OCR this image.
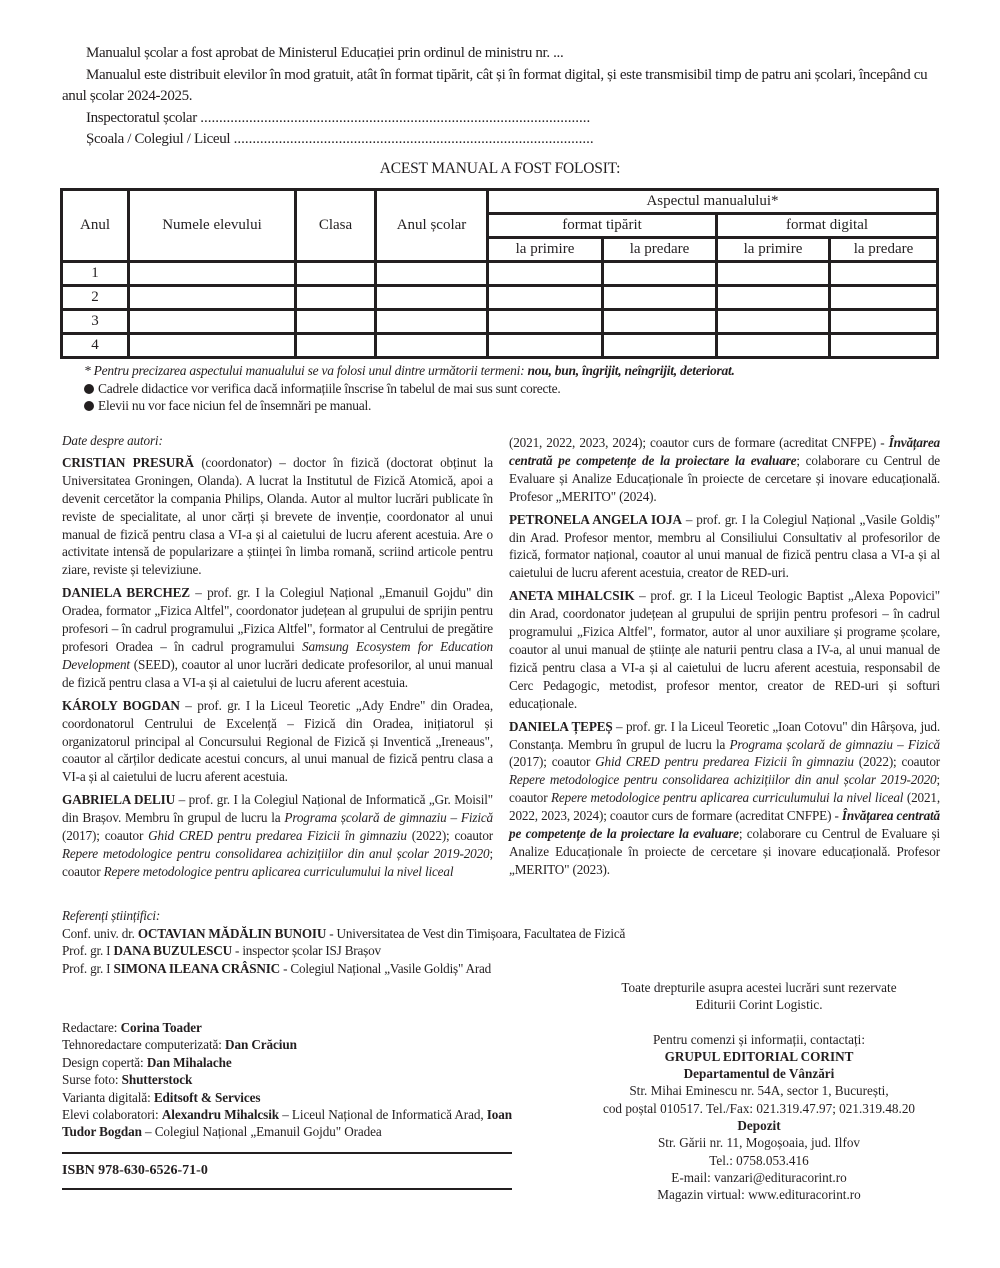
Manualul școlar a fost aprobat de Ministerul Educației prin ordinul de ministru nr. ...
Manualul este distribuit elevilor în mod gratuit, atât în format tipărit, cât și în format digital, și este transmisibil timp de patru ani școlari, începând cu anul școlar 2024-2025.
Inspectoratul școlar ........................................................................................................
Școala / Colegiul / Liceul ................................................................................................
ACEST MANUAL A FOST FOLOSIT:
Anul	Numele elevului	Clasa	Anul școlar	Aspectul manualului*			
				format tipărit		format digital	
				la primire	la predare	la primire	la predare
1							
2							
3							
4							
* Pentru precizarea aspectului manualului se va folosi unul dintre următorii termeni: nou, bun, îngrijit, neîngrijit, deteriorat.
Cadrele didactice vor verifica dacă informațiile înscrise în tabelul de mai sus sunt corecte.
Elevii nu vor face niciun fel de însemnări pe manual.
Date despre autori:

CRISTIAN PRESURĂ (coordonator) – doctor în fizică (doctorat obținut la Universitatea Groningen, Olanda). A lucrat la Institutul de Fizică Atomică, apoi a devenit cercetător la compania Philips, Olanda. Autor al multor lucrări publicate în reviste de specialitate, al unor cărți și brevete de invenție, coordonator al unui manual de fizică pentru clasa a VI-a și al caietului de lucru aferent acestuia. Are o activitate intensă de popularizare a științei în limba romană, scriind articole pentru ziare, reviste și televiziune.

DANIELA BERCHEZ – prof. gr. I la Colegiul Național „Emanuil Gojdu" din Oradea, formator „Fizica Altfel", coordonator județean al grupului de sprijin pentru profesori – în cadrul programului „Fizica Altfel", formator al Centrului de pregătire profesori Oradea – în cadrul programului Samsung Ecosystem for Education Development (SEED), coautor al unor lucrări dedicate profesorilor, al unui manual de fizică pentru clasa a VI-a și al caietului de lucru aferent acestuia.

KÁROLY BOGDAN – prof. gr. I la Liceul Teoretic „Ady Endre" din Oradea, coordonatorul Centrului de Excelență – Fizică din Oradea, inițiatorul și organizatorul principal al Concursului Regional de Fizică și Inventică „Ireneaus", coautor al cărților dedicate acestui concurs, al unui manual de fizică pentru clasa a VI-a și al caietului de lucru aferent acestuia.

GABRIELA DELIU – prof. gr. I la Colegiul Național de Informatică „Gr. Moisil" din Brașov. Membru în grupul de lucru la Programa școlară de gimnaziu – Fizică (2017); coautor Ghid CRED pentru predarea Fizicii în gimnaziu (2022); coautor Repere metodologice pentru consolidarea achizițiilor din anul școlar 2019-2020; coautor Repere metodologice pentru aplicarea curriculumului la nivel liceal

(2021, 2022, 2023, 2024); coautor curs de formare (acreditat CNFPE) - Învățarea centrată pe competențe de la proiectare la evaluare; colaborare cu Centrul de Evaluare și Analize Educaționale în proiecte de cercetare și inovare educațională. Profesor „MERITO" (2024).

PETRONELA ANGELA IOJA – prof. gr. I la Colegiul Național „Vasile Goldiș" din Arad. Profesor mentor, membru al Consiliului Consultativ al profesorilor de fizică, formator național, coautor al unui manual de fizică pentru clasa a VI-a și al caietului de lucru aferent acestuia, creator de RED-uri.

ANETA MIHALCSIK – prof. gr. I la Liceul Teologic Baptist „Alexa Popovici" din Arad, coordonator județean al grupului de sprijin pentru profesori – în cadrul programului „Fizica Altfel", formator, autor al unor auxiliare și programe școlare, coautor al unui manual de științe ale naturii pentru clasa a IV-a, al unui manual de fizică pentru clasa a VI-a și al caietului de lucru aferent acestuia, responsabil de Cerc Pedagogic, metodist, profesor mentor, creator de RED-uri și softuri educaționale.

DANIELA ȚEPEȘ – prof. gr. I la Liceul Teoretic „Ioan Cotovu" din Hârșova, jud. Constanța. Membru în grupul de lucru la Programa școlară de gimnaziu – Fizică (2017); coautor Ghid CRED pentru predarea Fizicii în gimnaziu (2022); coautor Repere metodologice pentru consolidarea achizițiilor din anul școlar 2019-2020; coautor Repere metodologice pentru aplicarea curriculumului la nivel liceal (2021, 2022, 2023, 2024); coautor curs de formare (acreditat CNFPE) - Învățarea centrată pe competențe de la proiectare la evaluare; colaborare cu Centrul de Evaluare și Analize Educaționale în proiecte de cercetare și inovare educațională. Profesor „MERITO" (2023).

Referenți științifici:
Conf. univ. dr. OCTAVIAN MĂDĂLIN BUNOIU - Universitatea de Vest din Timișoara, Facultatea de Fizică
Prof. gr. I DANA BUZULESCU - inspector școlar ISJ Brașov
Prof. gr. I SIMONA ILEANA CRÂSNIC - Colegiul Național „Vasile Goldiș" Arad
Redactare: Corina Toader
Tehnoredactare computerizată: Dan Crăciun
Design copertă: Dan Mihalache
Surse foto: Shutterstock
Varianta digitală: Editsoft & Services
Elevi colaboratori: Alexandru Mihalcsik – Liceul Național de Informatică Arad, Ioan Tudor Bogdan – Colegiul Național „Emanuil Gojdu" Oradea
ISBN 978-630-6526-71-0
Toate drepturile asupra acestei lucrări sunt rezervate
Editurii Corint Logistic.
Pentru comenzi și informații, contactați:
GRUPUL EDITORIAL CORINT
Departamentul de Vânzări
Str. Mihai Eminescu nr. 54A, sector 1, București,
cod poștal 010517. Tel./Fax: 021.319.47.97; 021.319.48.20
Depozit
Str. Gării nr. 11, Mogoșoaia, jud. Ilfov
Tel.: 0758.053.416
E-mail: vanzari@edituracorint.ro
Magazin virtual: www.edituracorint.ro
